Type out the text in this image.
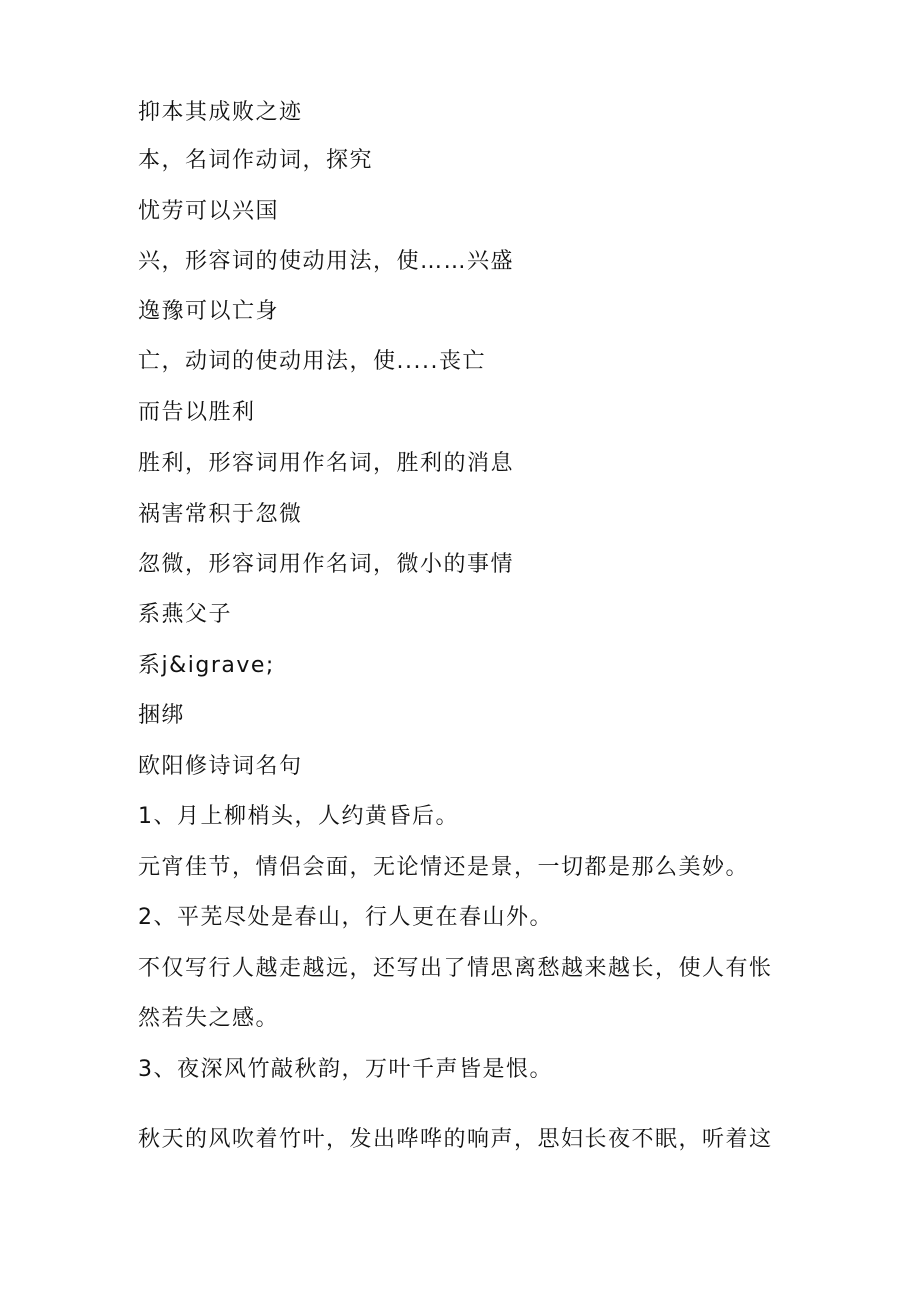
抑本其成败之迹

本，名词作动词，探究

忧劳可以兴国

兴，形容词的使动用法，使……兴盛

逸豫可以亡身

亡，动词的使动用法，使.....丧亡

而告以胜利

胜利，形容词用作名词，胜利的消息

祸害常积于忽微

忽微，形容词用作名词，微小的事情

系燕父子

系j&igrave;

捆绑

欧阳修诗词名句

1、月上柳梢头，人约黄昏后。

元宵佳节，情侣会面，无论情还是景，一切都是那么美妙。

2、平芜尽处是春山，行人更在春山外。

不仅写行人越走越远，还写出了情思离愁越来越长，使人有怅

然若失之感。

3、夜深风竹敲秋韵，万叶千声皆是恨。

秋天的风吹着竹叶，发出哗哗的响声，思妇长夜不眠，听着这
